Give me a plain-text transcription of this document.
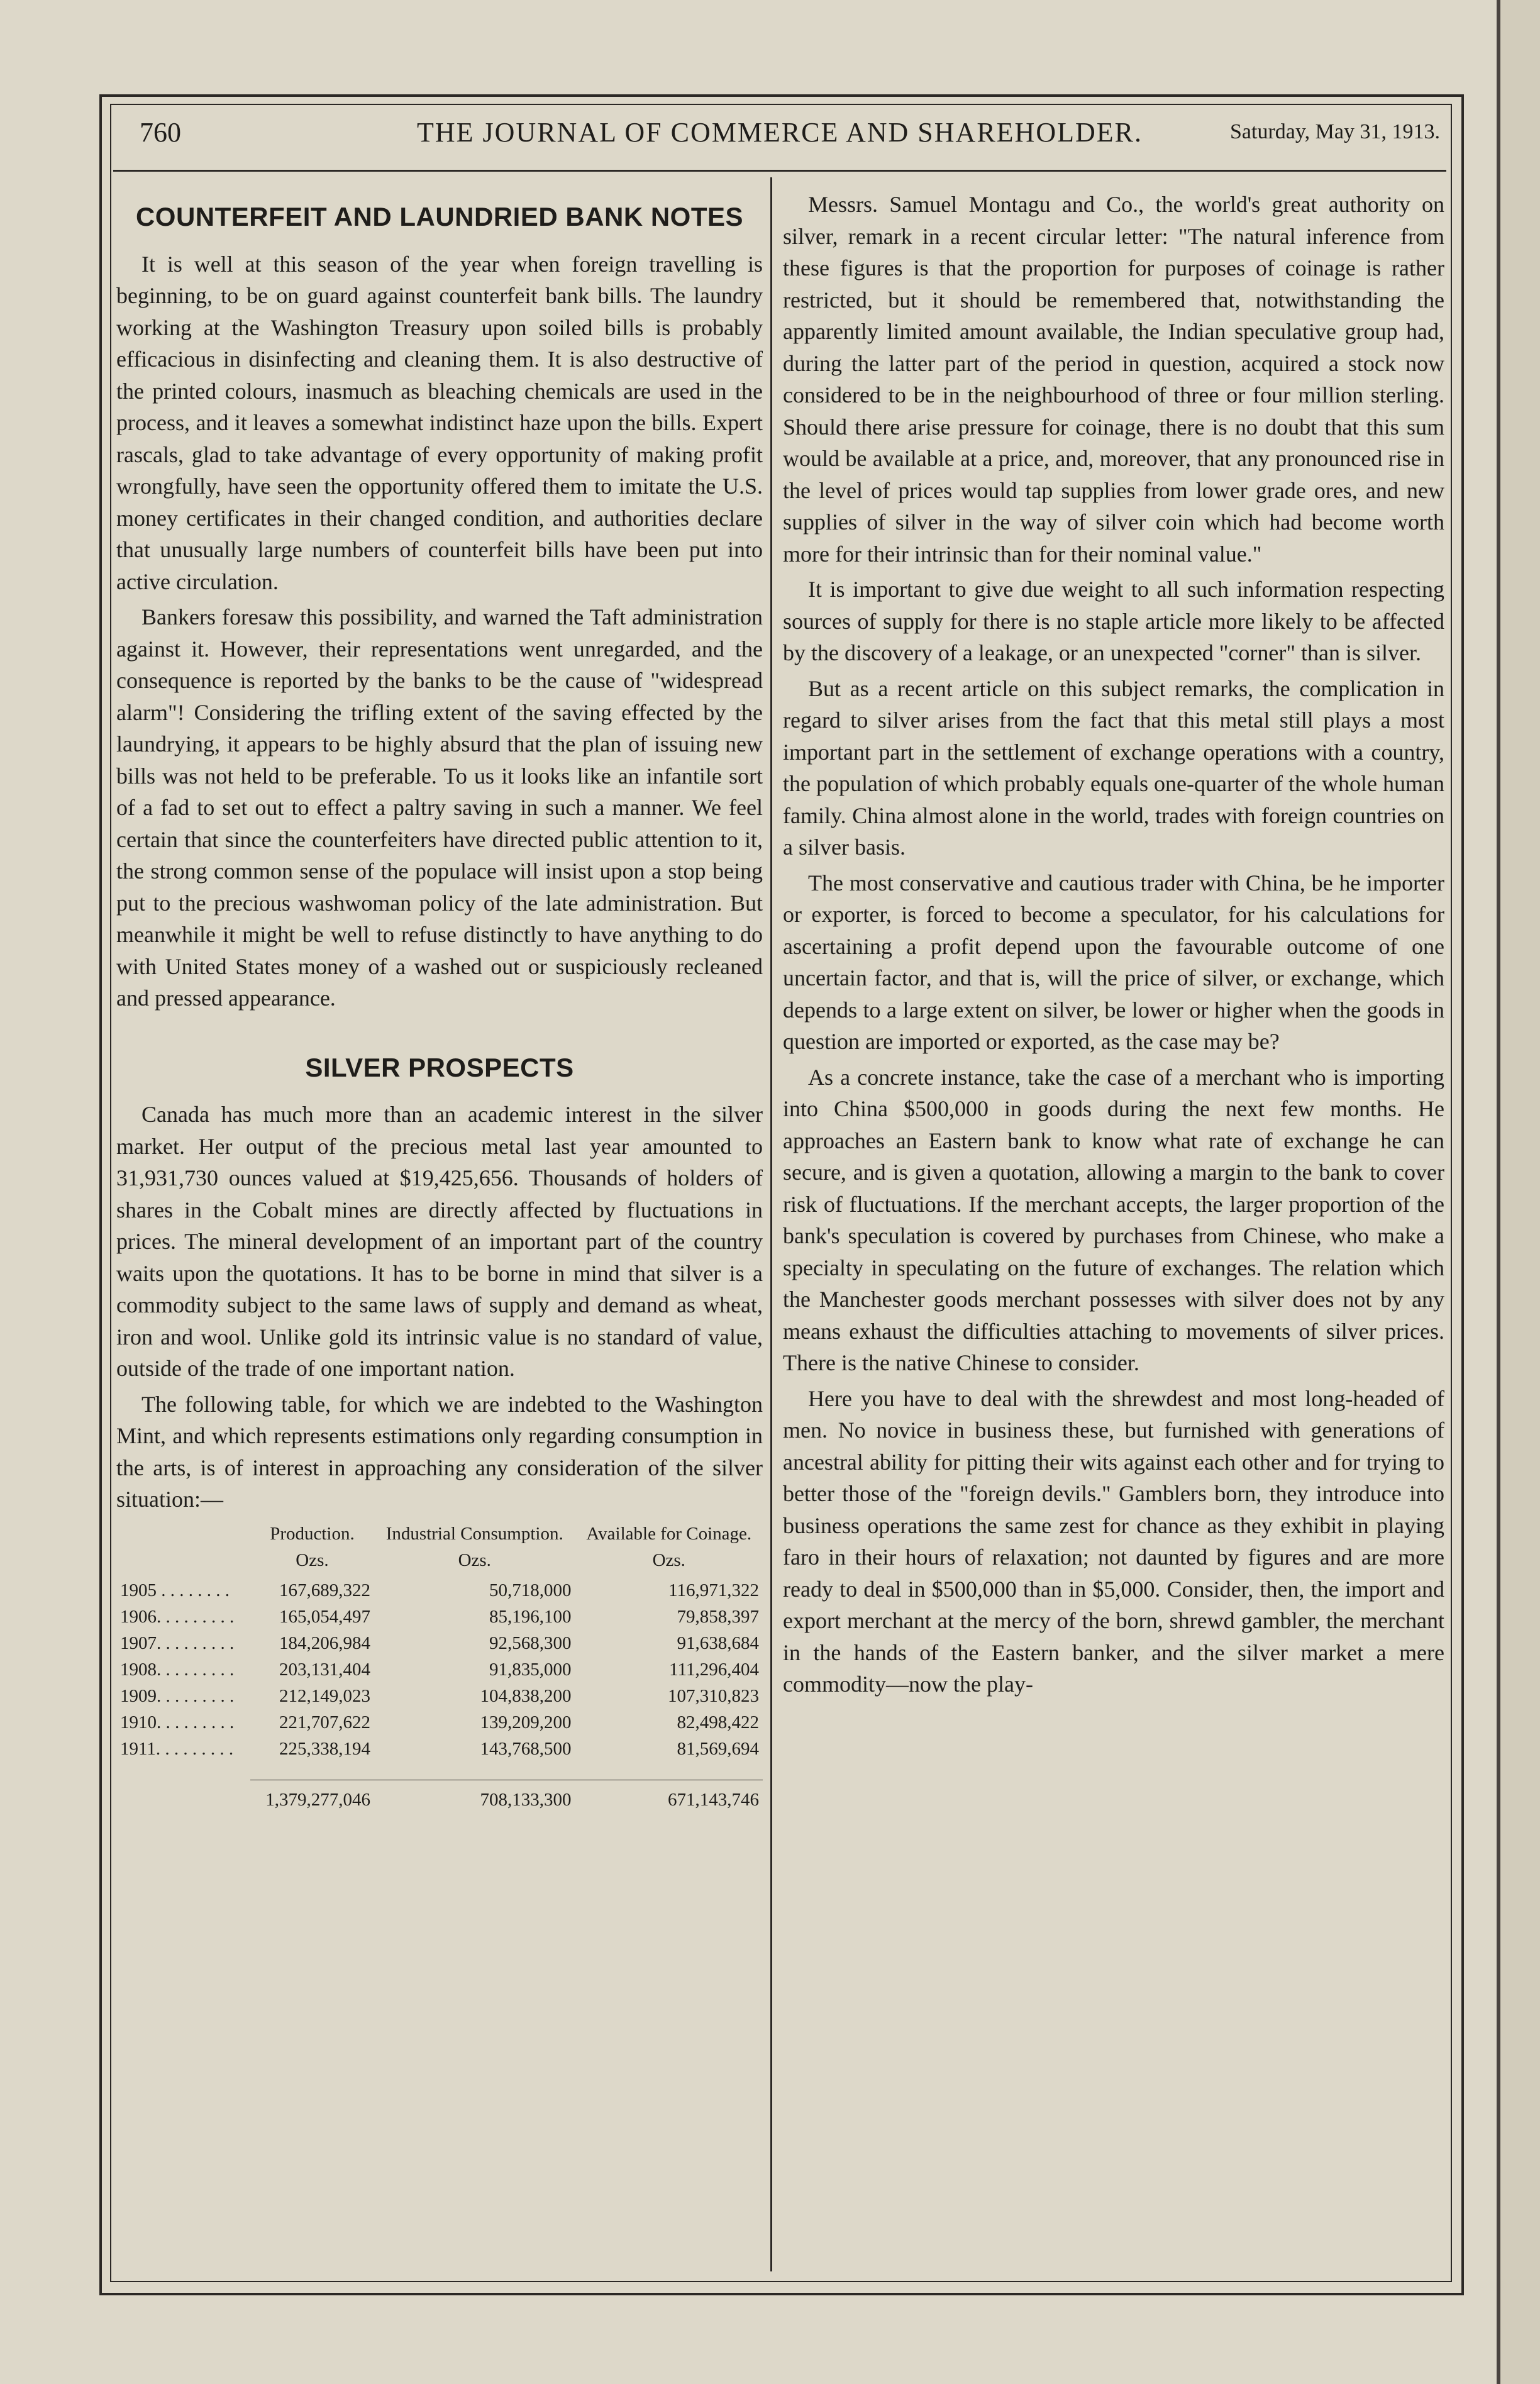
760	THE JOURNAL OF COMMERCE AND SHAREHOLDER.	Saturday, May 31, 1913.
COUNTERFEIT AND LAUNDRIED BANK NOTES

It is well at this season of the year when foreign travelling is beginning, to be on guard against counterfeit bank bills. The laundry working at the Washington Treasury upon soiled bills is probably efficacious in disinfecting and cleaning them. It is also destructive of the printed colours, inasmuch as bleaching chemicals are used in the process, and it leaves a somewhat indistinct haze upon the bills. Expert rascals, glad to take advantage of every opportunity of making profit wrongfully, have seen the opportunity offered them to imitate the U.S. money certificates in their changed condition, and authorities declare that unusually large numbers of counterfeit bills have been put into active circulation.

Bankers foresaw this possibility, and warned the Taft administration against it. However, their representations went unregarded, and the consequence is reported by the banks to be the cause of "widespread alarm"! Considering the trifling extent of the saving effected by the laundrying, it appears to be highly absurd that the plan of issuing new bills was not held to be preferable. To us it looks like an infantile sort of a fad to set out to effect a paltry saving in such a manner. We feel certain that since the counterfeiters have directed public attention to it, the strong common sense of the populace will insist upon a stop being put to the precious washwoman policy of the late administration. But meanwhile it might be well to refuse distinctly to have anything to do with United States money of a washed out or suspiciously recleaned and pressed appearance.

SILVER PROSPECTS

Canada has much more than an academic interest in the silver market. Her output of the precious metal last year amounted to 31,931,730 ounces valued at $19,425,656. Thousands of holders of shares in the Cobalt mines are directly affected by fluctuations in prices. The mineral development of an important part of the country waits upon the quotations. It has to be borne in mind that silver is a commodity subject to the same laws of supply and demand as wheat, iron and wool. Unlike gold its intrinsic value is no standard of value, outside of the trade of one important nation.

The following table, for which we are indebted to the Washington Mint, and which represents estimations only regarding consumption in the arts, is of interest in approaching any consideration of the silver situation:—

	Production.	Industrial Consumption.	Available for Coinage.
	Ozs.	Ozs.	Ozs.
1905 . . . . . . . .	167,689,322	50,718,000	116,971,322
1906. . . . . . . . .	165,054,497	85,196,100	79,858,397
1907. . . . . . . . .	184,206,984	92,568,300	91,638,684
1908. . . . . . . . .	203,131,404	91,835,000	111,296,404
1909. . . . . . . . .	212,149,023	104,838,200	107,310,823
1910. . . . . . . . .	221,707,622	139,209,200	82,498,422
1911. . . . . . . . .	225,338,194	143,768,500	81,569,694

	1,379,277,046	708,133,300	671,143,746

Messrs. Samuel Montagu and Co., the world's great authority on silver, remark in a recent circular letter: "The natural inference from these figures is that the proportion for purposes of coinage is rather restricted, but it should be remembered that, notwithstanding the apparently limited amount available, the Indian speculative group had, during the latter part of the period in question, acquired a stock now considered to be in the neighbourhood of three or four million sterling. Should there arise pressure for coinage, there is no doubt that this sum would be available at a price, and, moreover, that any pronounced rise in the level of prices would tap supplies from lower grade ores, and new supplies of silver in the way of silver coin which had become worth more for their intrinsic than for their nominal value."

It is important to give due weight to all such information respecting sources of supply for there is no staple article more likely to be affected by the discovery of a leakage, or an unexpected "corner" than is silver.

But as a recent article on this subject remarks, the complication in regard to silver arises from the fact that this metal still plays a most important part in the settlement of exchange operations with a country, the population of which probably equals one-quarter of the whole human family. China almost alone in the world, trades with foreign countries on a silver basis.

The most conservative and cautious trader with China, be he importer or exporter, is forced to become a speculator, for his calculations for ascertaining a profit depend upon the favourable outcome of one uncertain factor, and that is, will the price of silver, or exchange, which depends to a large extent on silver, be lower or higher when the goods in question are imported or exported, as the case may be?

As a concrete instance, take the case of a merchant who is importing into China $500,000 in goods during the next few months. He approaches an Eastern bank to know what rate of exchange he can secure, and is given a quotation, allowing a margin to the bank to cover risk of fluctuations. If the merchant accepts, the larger proportion of the bank's speculation is covered by purchases from Chinese, who make a specialty in speculating on the future of exchanges. The relation which the Manchester goods merchant possesses with silver does not by any means exhaust the difficulties attaching to movements of silver prices. There is the native Chinese to consider.

Here you have to deal with the shrewdest and most long-headed of men. No novice in business these, but furnished with generations of ancestral ability for pitting their wits against each other and for trying to better those of the "foreign devils." Gamblers born, they introduce into business operations the same zest for chance as they exhibit in playing faro in their hours of relaxation; not daunted by figures and are more ready to deal in $500,000 than in $5,000. Consider, then, the import and export merchant at the mercy of the born, shrewd gambler, the merchant in the hands of the Eastern banker, and the silver market a mere commodity—now the play-
